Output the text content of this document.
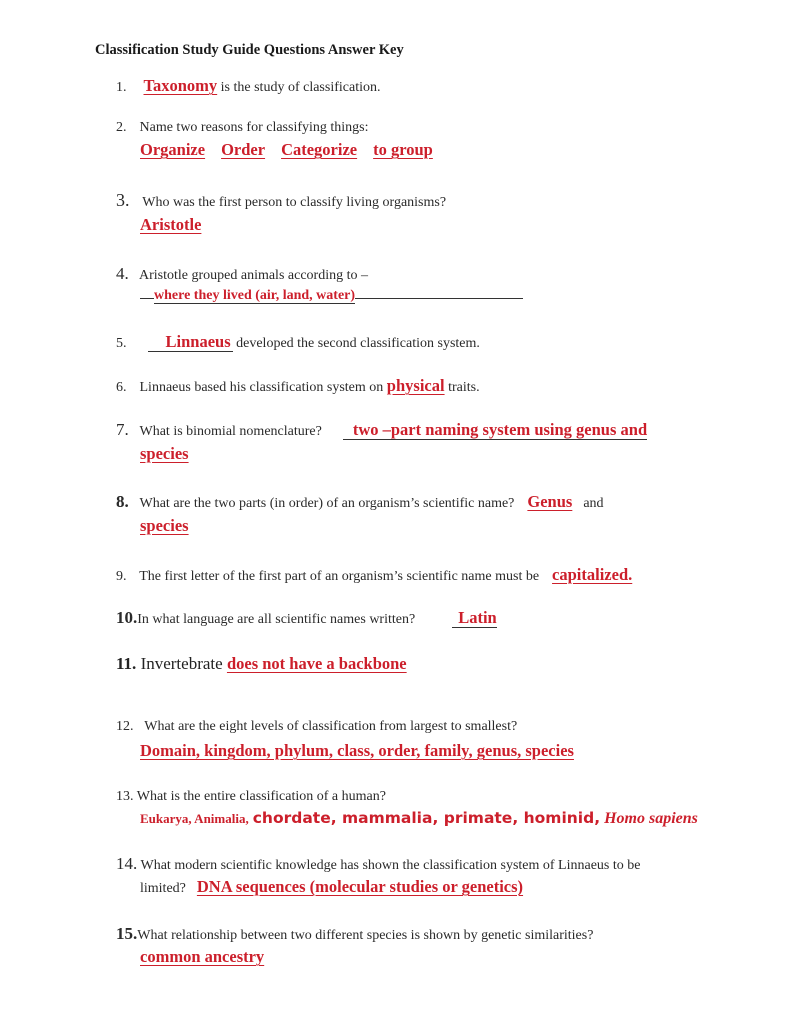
Classification Study Guide Questions Answer Key
1. Taxonomy is the study of classification.
2. Name two reasons for classifying things:
Organize Order Categorize to group
3. Who was the first person to classify living organisms?
Aristotle
4. Aristotle grouped animals according to –
where they lived (air, land, water)
5. Linnaeus developed the second classification system.
6. Linnaeus based his classification system on physical traits.
7. What is binomial nomenclature? two –part naming system using genus and
species
8. What are the two parts (in order) of an organism’s scientific name? Genus and
species
9. The first letter of the first part of an organism’s scientific name must be capitalized.
10.In what language are all scientific names written?	Latin
11. Invertebrate does not have a backbone
12. What are the eight levels of classification from largest to smallest?
Domain, kingdom, phylum, class, order, family, genus, species
13. What is the entire classification of a human?
Eukarya, Animalia, chordate, mammalia, primate, hominid, Homo sapiens
14. What modern scientific knowledge has shown the classification system of Linnaeus to be
limited? DNA sequences (molecular studies or genetics)
15.What relationship between two different species is shown by genetic similarities?
common ancestry
